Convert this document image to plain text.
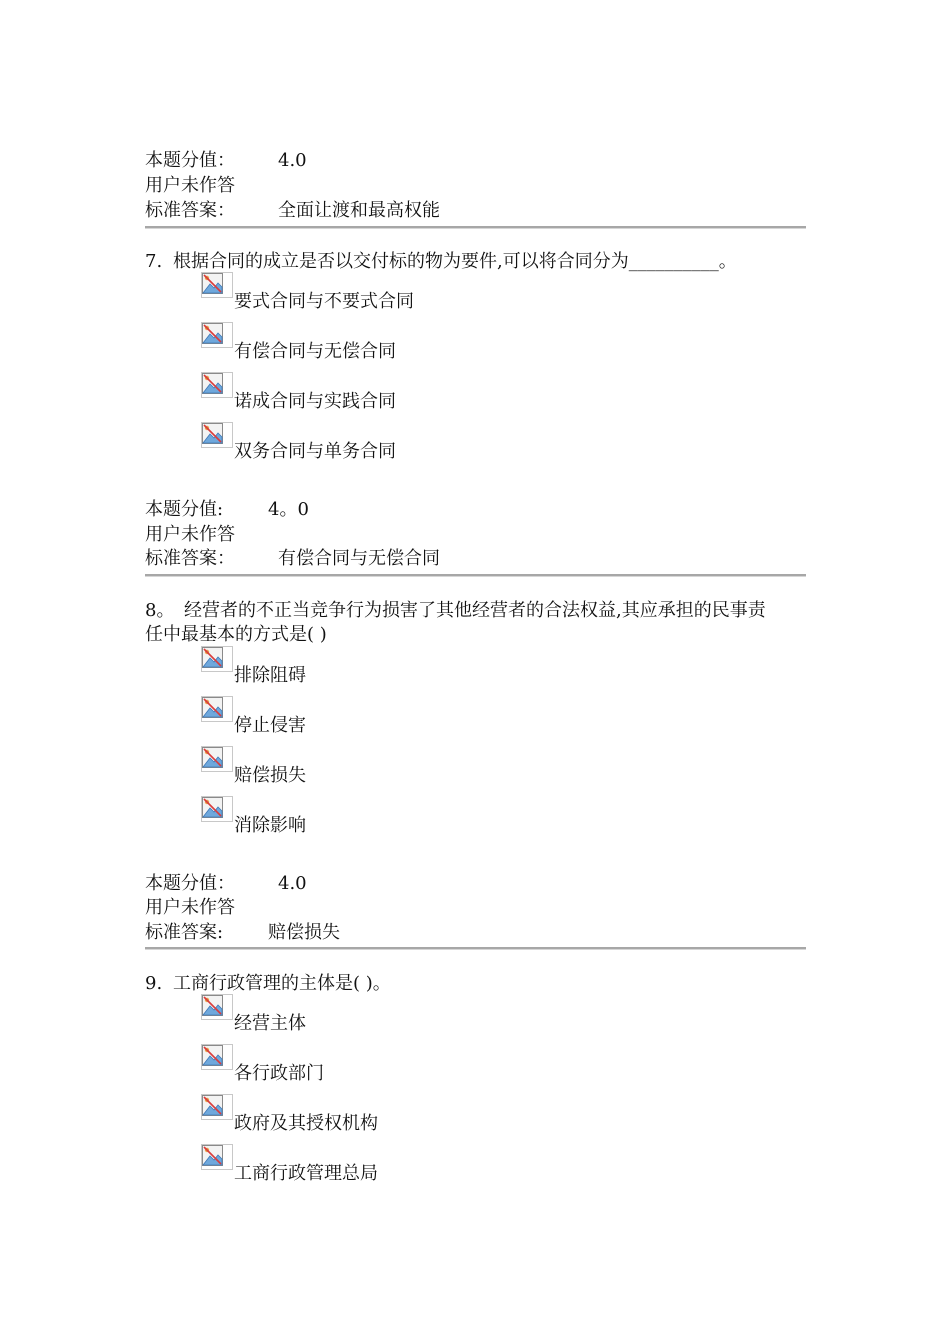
本题分值： 4.0
用户未作答
标准答案： 全面让渡和最高权能
7. 根据合同的成立是否以交付标的物为要件,可以将合同分为__________。
要式合同与不要式合同
有偿合同与无偿合同
诺成合同与实践合同
双务合同与单务合同
本题分值: 4。0
用户未作答
标准答案： 有偿合同与无偿合同
8。 经营者的不正当竞争行为损害了其他经营者的合法权益,其应承担的民事责
任中最基本的方式是( )
排除阻碍
停止侵害
赔偿损失
消除影响
本题分值： 4.0
用户未作答
标准答案: 赔偿损失
9. 工商行政管理的主体是( )。
经营主体
各行政部门
政府及其授权机构
工商行政管理总局
